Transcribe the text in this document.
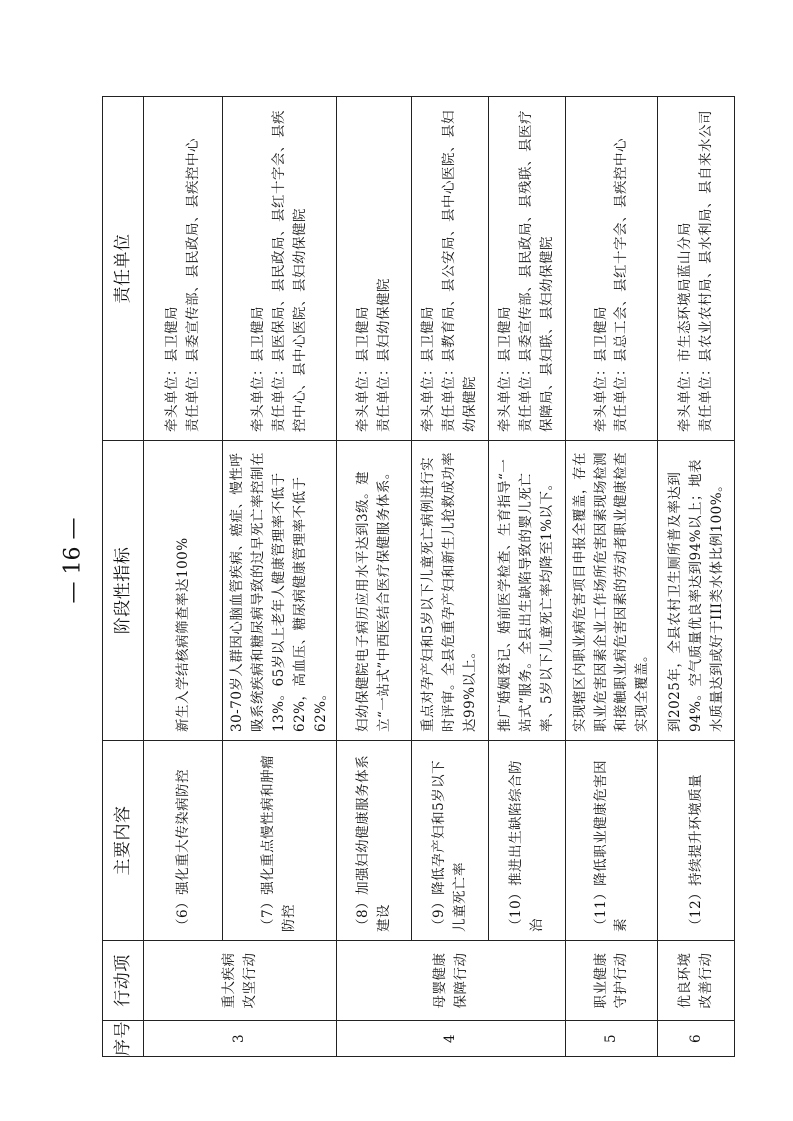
— 16 —
序号	行动项	主要内容	阶段性指标	责任单位
3	重大疾病攻坚行动	（6）强化重大传染病防控	新生入学结核病筛查率达100%	牵头单位：县卫健局 责任单位：县委宣传部、县民政局、县疾控中心

		（7）强化重点慢性病和肿瘤防控	30-70岁人群因心脑血管疾病、癌症、慢性呼吸系统疾病和糖尿病导致的过早死亡率控制在13%。65岁以上老年人健康管理率不低于62%，高血压、糖尿病健康管理率不低于62%。	牵头单位：县卫健局 责任单位：县医保局、县民政局、县红十字会、县疾控中心、县中心医院、县妇幼保健院

4	母婴健康保障行动	（8）加强妇幼健康服务体系建设	妇幼保健院电子病历应用水平达到3级。建立“一站式”中西医结合医疗保健服务体系。	牵头单位：县卫健局 责任单位：县妇幼保健院

		（9）降低孕产妇和5岁以下儿童死亡率	重点对孕产妇和5岁以下儿童死亡病例进行实时评审。全县危重孕产妇和新生儿抢救成功率达99%以上。	牵头单位：县卫健局 责任单位：县教育局、县公安局、县中心医院、县妇幼保健院

		（10）推进出生缺陷综合防治	推广婚姻登记、婚前医学检查、生育指导“一站式”服务。全县出生缺陷导致的婴儿死亡率、5岁以下儿童死亡率均降至1%以下。	牵头单位：县卫健局 责任单位：县委宣传部、县民政局、县残联、县医疗保障局、县妇联、县妇幼保健院

5	职业健康守护行动	（11）降低职业健康危害因素	实现辖区内职业病危害项目申报全覆盖，存在职业危害因素企业工作场所危害因素现场检测和接触职业病危害因素的劳动者职业健康检查实现全覆盖。	牵头单位：县卫健局 责任单位：县总工会、县红十字会、县疾控中心

6	优良环境改善行动	（12）持续提升环境质量	到2025年，全县农村卫生厕所普及率达到94%。空气质量优良率达到94%以上；地表水质量达到或好于III类水体比例100%。	牵头单位：市生态环境局蓝山分局 责任单位：县农业农村局、县水利局、县自来水公司
